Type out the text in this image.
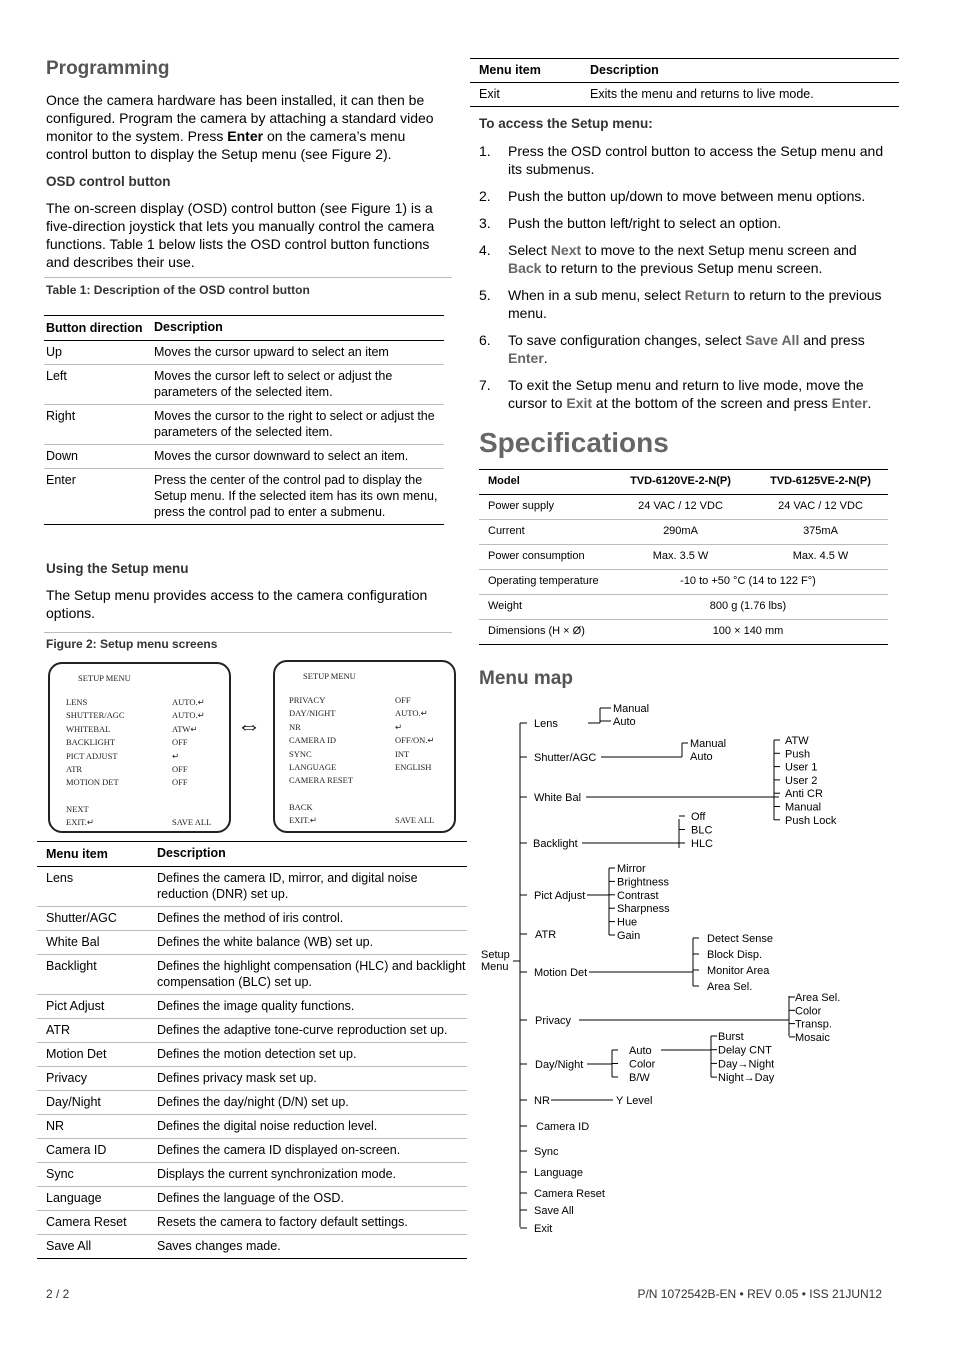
Programming

Once the camera hardware has been installed, it can then be configured. Program the camera by attaching a standard video monitor to the system. Press Enter on the camera’s menu control button to display the Setup menu (see Figure 2).

OSD control button

The on-screen display (OSD) control button (see Figure 1) is a five-direction joystick that lets you manually control the camera functions. Table 1 below lists the OSD control button functions and describes their use.

Table 1: Description of the OSD control button
Button direction	Description
Up	Moves the cursor upward to select an item
Left	Moves the cursor left to select or adjust the parameters of the selected item.
Right	Moves the cursor to the right to select or adjust the parameters of the selected item.
Down	Moves the cursor downward to select an item.
Enter	Press the center of the control pad to display the Setup menu. If the selected item has its own menu, press the control pad to enter a submenu.
Using the Setup menu

The Setup menu provides access to the camera configuration options.

Figure 2: Setup menu screens
SETUP MENU
LENS	AUTO.↵
SHUTTER/AGC	AUTO.↵
WHITEBAL	ATW↵
BACKLIGHT	OFF
PICT ADJUST	↵
ATR	OFF
MOTION DET	OFF
NEXT
EXIT.↵	SAVE ALL
⇔
SETUP MENU
PRIVACY	OFF
DAY/NIGHT	AUTO.↵
NR	↵
CAMERA ID	OFF/ON.↵
SYNC	INT
LANGUAGE	ENGLISH
CAMERA RESET
BACK
EXIT.↵	SAVE ALL
Menu item	Description
Lens	Defines the camera ID, mirror, and digital noise reduction (DNR) set up.
Shutter/AGC	Defines the method of iris control.
White Bal	Defines the white balance (WB) set up.
Backlight	Defines the highlight compensation (HLC) and backlight compensation (BLC) set up.
Pict Adjust	Defines the image quality functions.
ATR	Defines the adaptive tone-curve reproduction set up.
Motion Det	Defines the motion detection set up.
Privacy	Defines privacy mask set up.
Day/Night	Defines the day/night (D/N) set up.
NR	Defines the digital noise reduction level.
Camera ID	Defines the camera ID displayed on-screen.
Sync	Displays the current synchronization mode.
Language	Defines the language of the OSD.
Camera Reset	Resets the camera to factory default settings.
Save All	Saves changes made.
Menu item	Description
Exit	Exits the menu and returns to live mode.
To access the Setup menu:
1. Press the OSD control button to access the Setup menu and its submenus.
2. Push the button up/down to move between menu options.
3. Push the button left/right to select an option.
4. Select Next to move to the next Setup menu screen and Back to return to the previous Setup menu screen.
5. When in a sub menu, select Return to return to the previous menu.
6. To save configuration changes, select Save All and press Enter.
7. To exit the Setup menu and return to live mode, move the cursor to Exit at the bottom of the screen and press Enter.
Specifications
Model	TVD-6120VE-2-N(P)	TVD-6125VE-2-N(P)
Power supply	24 VAC / 12 VDC	24 VAC / 12 VDC
Current	290mA	375mA
Power consumption	Max. 3.5 W	Max. 4.5 W
Operating temperature	-10 to +50 °C (14 to 122 F°)	
Weight	800 g (1.76 lbs)	
Dimensions (H × Ø)	100 × 140 mm	
Menu map
Setup
Menu
Lens
Shutter/AGC
White Bal
Backlight
Pict Adjust
ATR
Motion Det
Privacy
Day/Night
NR
Camera ID
Sync
Language
Camera Reset
Save All
Exit
Manual
Auto
Manual
Auto
ATW
Push
User 1
User 2
Anti CR
Manual
Push Lock
Off
BLC
HLC
Mirror
Brightness
Contrast
Sharpness
Hue
Gain	Detect Sense
Block Disp.
Monitor Area
Area Sel.
Area Sel.
Color
Transp.
Mosaic
Auto
Color
B/W
Burst
Delay CNT
Day→Night
Night→Day
Y Level
2 / 2	P/N 1072542B-EN • REV 0.05 • ISS 21JUN12
